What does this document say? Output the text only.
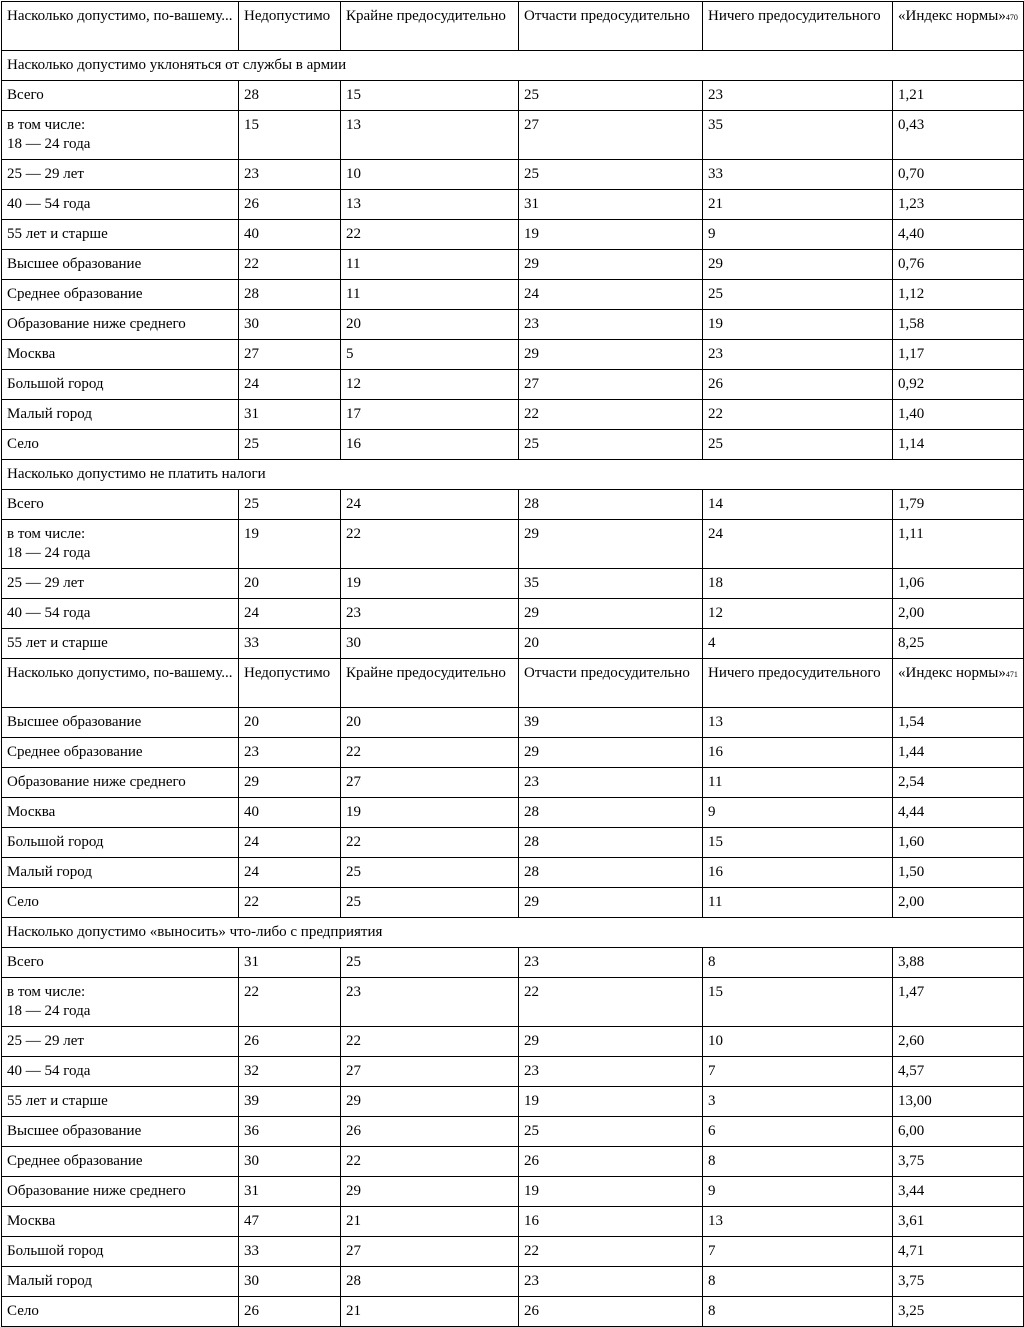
Насколько допустимо, по-вашему...	Недопустимо	Крайне предосудительно	Отчасти предосудительно	Ничего предосудительного	«Индекс нормы»470
Насколько допустимо уклоняться от службы в армии					
Всего	28	15	25	23	1,21

в том числе:
18 — 24 года	15	13	27	35	0,43
25 — 29 лет	23	10	25	33	0,70
40 — 54 года	26	13	31	21	1,23
55 лет и старше	40	22	19	9	4,40
Высшее образование	22	11	29	29	0,76
Среднее образование	28	11	24	25	1,12
Образование ниже среднего	30	20	23	19	1,58
Москва	27	5	29	23	1,17
Большой город	24	12	27	26	0,92
Малый город	31	17	22	22	1,40
Село	25	16	25	25	1,14
Насколько допустимо не платить налоги					
Всего	25	24	28	14	1,79

в том числе:
18 — 24 года	19	22	29	24	1,11
25 — 29 лет	20	19	35	18	1,06
40 — 54 года	24	23	29	12	2,00
55 лет и старше	33	30	20	4	8,25
Насколько допустимо, по-вашему...	Недопустимо	Крайне предосудительно	Отчасти предосудительно	Ничего предосудительного	«Индекс нормы»471
Высшее образование	20	20	39	13	1,54
Среднее образование	23	22	29	16	1,44
Образование ниже среднего	29	27	23	11	2,54
Москва	40	19	28	9	4,44
Большой город	24	22	28	15	1,60
Малый город	24	25	28	16	1,50
Село	22	25	29	11	2,00
Насколько допустимо «выносить» что-либо с предприятия					
Всего	31	25	23	8	3,88

в том числе:
18 — 24 года	22	23	22	15	1,47
25 — 29 лет	26	22	29	10	2,60
40 — 54 года	32	27	23	7	4,57
55 лет и старше	39	29	19	3	13,00
Высшее образование	36	26	25	6	6,00
Среднее образование	30	22	26	8	3,75
Образование ниже среднего	31	29	19	9	3,44
Москва	47	21	16	13	3,61
Большой город	33	27	22	7	4,71
Малый город	30	28	23	8	3,75
Село	26	21	26	8	3,25
